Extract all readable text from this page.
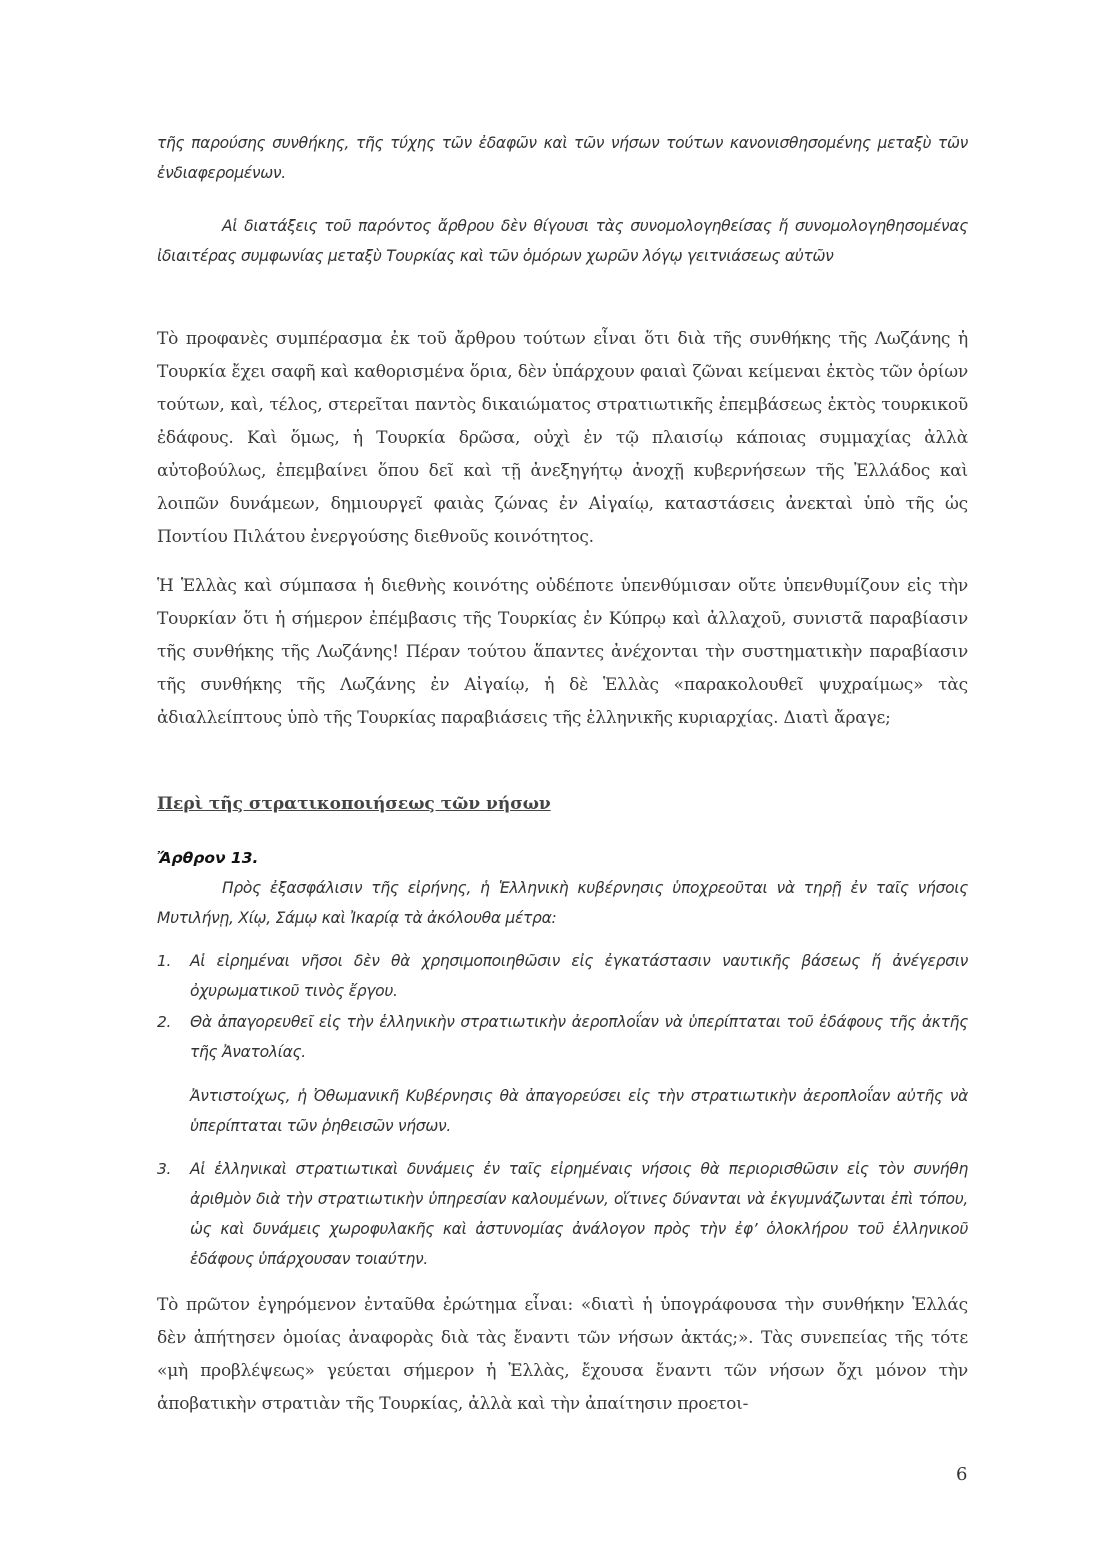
τῆς παρούσης συνθήκης, τῆς τύχης τῶν ἐδαφῶν καὶ τῶν νήσων τούτων κανονισθησομένης μεταξὺ τῶν ἐνδιαφερομένων.
Αἱ διατάξεις τοῦ παρόντος ἄρθρου δὲν θίγουσι τὰς συνομολογηθείσας ἤ συνομολογηθησομένας ἰδιαιτέρας συμφωνίας μεταξὺ Τουρκίας καὶ τῶν ὁμόρων χωρῶν λόγῳ γειτνιάσεως αὐτῶν
Τὸ προφανὲς συμπέρασμα ἐκ τοῦ ἄρθρου τούτων εἶναι ὅτι διὰ τῆς συνθήκης τῆς Λωζάνης ἡ Τουρκία ἔχει σαφῆ καὶ καθορισμένα ὅρια, δὲν ὑπάρχουν φαιαὶ ζῶναι κείμεναι ἐκτὸς τῶν ὁρίων τούτων, καὶ, τέλος, στερεῖται παντὸς δικαιώματος στρατιωτικῆς ἐπεμβάσεως ἐκτὸς τουρκικοῦ ἐδάφους. Καὶ ὅμως, ἡ Τουρκία δρῶσα, οὐχὶ ἐν τῷ πλαισίῳ κάποιας συμμαχίας ἀλλὰ αὐτοβούλως, ἐπεμβαίνει ὅπου δεῖ καὶ τῇ ἀνεξηγήτῳ ἀνοχῇ κυβερνήσεων τῆς Ἑλλάδος καὶ λοιπῶν δυνάμεων, δημιουργεῖ φαιὰς ζώνας ἐν Αἰγαίῳ, καταστάσεις ἀνεκταὶ ὑπὸ τῆς ὡς Ποντίου Πιλάτου ἐνεργούσης διεθνοῦς κοινότητος.
Ἡ Ἑλλὰς καὶ σύμπασα ἡ διεθνὴς κοινότης οὐδέποτε ὑπενθύμισαν οὔτε ὑπενθυμίζουν εἰς τὴν Τουρκίαν ὅτι ἡ σήμερον ἐπέμβασις τῆς Τουρκίας ἐν Κύπρῳ καὶ ἀλλαχοῦ, συνιστᾶ παραβίασιν τῆς συνθήκης τῆς Λωζάνης! Πέραν τούτου ἅπαντες ἀνέχονται τὴν συστηματικὴν παραβίασιν τῆς συνθήκης τῆς Λωζάνης ἐν Αἰγαίῳ, ἡ δὲ Ἑλλὰς «παρακολουθεῖ ψυχραίμως» τὰς ἀδιαλλείπτους ὑπὸ τῆς Τουρκίας παραβιάσεις τῆς ἑλληνικῆς κυριαρχίας. Διατὶ ἄραγε;
Περὶ τῆς στρατικοποιήσεως τῶν νήσων
Ἄρθρον 13.
Πρὸς ἐξασφάλισιν τῆς εἰρήνης, ἡ Ἑλληνικὴ κυβέρνησις ὑποχρεοῦται νὰ τηρῇ ἐν ταῖς νήσοις Μυτιλήνῃ, Χίῳ, Σάμῳ καὶ Ἰκαρίᾳ τὰ ἀκόλουθα μέτρα:
1. Αἱ εἰρημέναι νῆσοι δὲν θὰ χρησιμοποιηθῶσιν εἰς ἐγκατάστασιν ναυτικῆς βάσεως ἤ ἀνέγερσιν ὀχυρωματικοῦ τινὸς ἔργου.
2. Θὰ ἀπαγορευθεῖ εἰς τὴν ἑλληνικὴν στρατιωτικὴν ἀεροπλοΐαν νὰ ὑπερίπταται τοῦ ἐδάφους τῆς ἀκτῆς τῆς Ἀνατολίας.
Ἀντιστοίχως, ἡ Ὀθωμανικῆ Κυβέρνησις θὰ ἀπαγορεύσει εἰς τὴν στρατιωτικὴν ἀεροπλοΐαν αὐτῆς νὰ ὑπερίπταται τῶν ῥηθεισῶν νήσων.
3. Αἱ ἑλληνικαὶ στρατιωτικαὶ δυνάμεις ἐν ταῖς εἰρημέναις νήσοις θὰ περιορισθῶσιν εἰς τὸν συνήθη ἀριθμὸν διὰ τὴν στρατιωτικὴν ὑπηρεσίαν καλουμένων, οἵτινες δύνανται νὰ ἐκγυμνάζωνται ἐπὶ τόπου, ὡς καὶ δυνάμεις χωροφυλακῆς καὶ ἀστυνομίας ἀνάλογον πρὸς τὴν ἐφ’ ὁλοκλήρου τοῦ ἑλληνικοῦ ἐδάφους ὑπάρχουσαν τοιαύτην.
Τὸ πρῶτον ἐγηρόμενον ἐνταῦθα ἐρώτημα εἶναι: «διατὶ ἡ ὑπογράφουσα τὴν συνθήκην Ἑλλάς δὲν ἀπήτησεν ὁμοίας ἀναφορὰς διὰ τὰς ἔναντι τῶν νήσων ἀκτάς;». Τὰς συνεπείας τῆς τότε «μὴ προβλέψεως» γεύεται σήμερον ἡ Ἑλλὰς, ἔχουσα ἔναντι τῶν νήσων ὄχι μόνον τὴν ἀποβατικὴν στρατιὰν τῆς Τουρκίας, ἀλλὰ καὶ τὴν ἀπαίτησιν προετοι-
6
